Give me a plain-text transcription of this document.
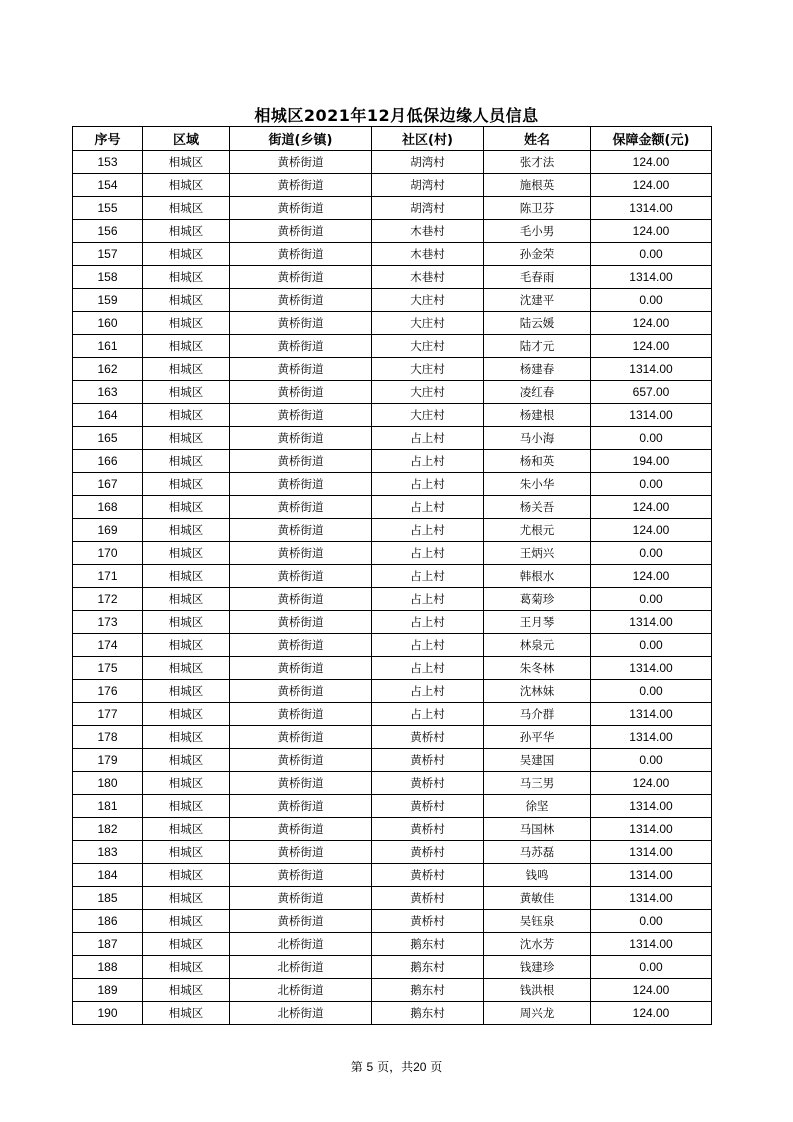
相城区2021年12月低保边缘人员信息
序号	区域	街道(乡镇)	社区(村)	姓名	保障金额(元)
153	相城区	黄桥街道	胡湾村	张才法	124.00
154	相城区	黄桥街道	胡湾村	施根英	124.00
155	相城区	黄桥街道	胡湾村	陈卫芬	1314.00
156	相城区	黄桥街道	木巷村	毛小男	124.00
157	相城区	黄桥街道	木巷村	孙金荣	0.00
158	相城区	黄桥街道	木巷村	毛春雨	1314.00
159	相城区	黄桥街道	大庄村	沈建平	0.00
160	相城区	黄桥街道	大庄村	陆云媛	124.00
161	相城区	黄桥街道	大庄村	陆才元	124.00
162	相城区	黄桥街道	大庄村	杨建春	1314.00
163	相城区	黄桥街道	大庄村	凌红春	657.00
164	相城区	黄桥街道	大庄村	杨建根	1314.00
165	相城区	黄桥街道	占上村	马小海	0.00
166	相城区	黄桥街道	占上村	杨和英	194.00
167	相城区	黄桥街道	占上村	朱小华	0.00
168	相城区	黄桥街道	占上村	杨关吾	124.00
169	相城区	黄桥街道	占上村	尤根元	124.00
170	相城区	黄桥街道	占上村	王炳兴	0.00
171	相城区	黄桥街道	占上村	韩根水	124.00
172	相城区	黄桥街道	占上村	葛菊珍	0.00
173	相城区	黄桥街道	占上村	王月琴	1314.00
174	相城区	黄桥街道	占上村	林泉元	0.00
175	相城区	黄桥街道	占上村	朱冬林	1314.00
176	相城区	黄桥街道	占上村	沈林妹	0.00
177	相城区	黄桥街道	占上村	马介群	1314.00
178	相城区	黄桥街道	黄桥村	孙平华	1314.00
179	相城区	黄桥街道	黄桥村	吴建国	0.00
180	相城区	黄桥街道	黄桥村	马三男	124.00
181	相城区	黄桥街道	黄桥村	徐坚	1314.00
182	相城区	黄桥街道	黄桥村	马国林	1314.00
183	相城区	黄桥街道	黄桥村	马苏磊	1314.00
184	相城区	黄桥街道	黄桥村	钱鸣	1314.00
185	相城区	黄桥街道	黄桥村	黄敏佳	1314.00
186	相城区	黄桥街道	黄桥村	吴钰泉	0.00
187	相城区	北桥街道	鹅东村	沈水芳	1314.00
188	相城区	北桥街道	鹅东村	钱建珍	0.00
189	相城区	北桥街道	鹅东村	钱洪根	124.00
190	相城区	北桥街道	鹅东村	周兴龙	124.00
第 5 页，共20 页
